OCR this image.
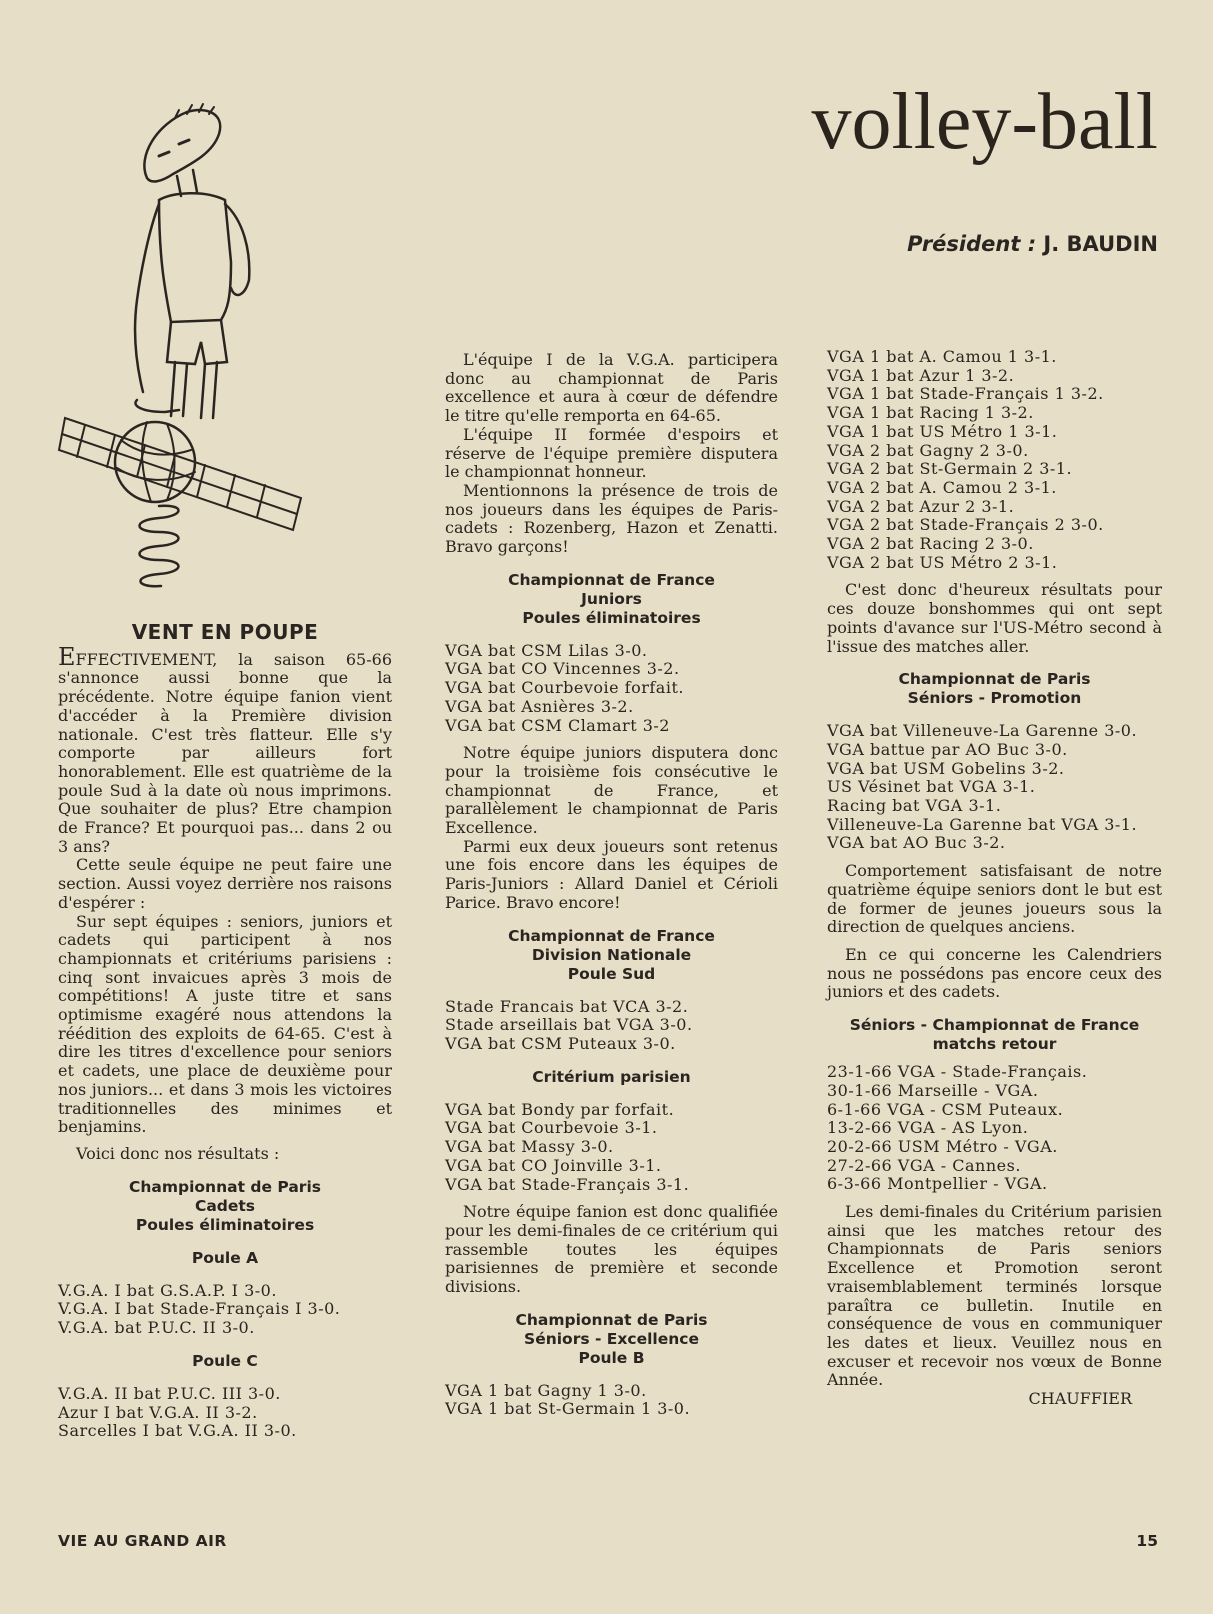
volley-ball
Président : J. BAUDIN
VENT EN POUPE

EFFECTIVEMENT, la saison 65-66 s'annonce aussi bonne que la précédente. Notre équipe fanion vient d'accéder à la Première division nationale. C'est très flatteur. Elle s'y comporte par ailleurs fort honorablement. Elle est quatrième de la poule Sud à la date où nous imprimons. Que souhaiter de plus? Etre champion de France? Et pourquoi pas... dans 2 ou 3 ans?

Cette seule équipe ne peut faire une section. Aussi voyez derrière nos raisons d'espérer :

Sur sept équipes : seniors, juniors et cadets qui participent à nos championnats et critériums parisiens : cinq sont invaicues après 3 mois de compétitions! A juste titre et sans optimisme exagéré nous attendons la réédition des exploits de 64-65. C'est à dire les titres d'excellence pour seniors et cadets, une place de deuxième pour nos juniors... et dans 3 mois les victoires traditionnelles des minimes et benjamins.

Voici donc nos résultats :

Championnat de Paris
Cadets
Poules éliminatoires
Poule A
V.G.A. I bat G.S.A.P. I 3-0.
V.G.A. I bat Stade-Français I 3-0.
V.G.A. bat P.U.C. II 3-0.
Poule C
V.G.A. II bat P.U.C. III 3-0.
Azur I bat V.G.A. II 3-2.
Sarcelles I bat V.G.A. II 3-0.

L'équipe I de la V.G.A. participera donc au championnat de Paris excellence et aura à cœur de défendre le titre qu'elle remporta en 64-65.

L'équipe II formée d'espoirs et réserve de l'équipe première disputera le championnat honneur.

Mentionnons la présence de trois de nos joueurs dans les équipes de Paris-cadets : Rozenberg, Hazon et Zenatti. Bravo garçons!

Championnat de France
Juniors
Poules éliminatoires
VGA bat CSM Lilas 3-0.
VGA bat CO Vincennes 3-2.
VGA bat Courbevoie forfait.
VGA bat Asnières 3-2.
VGA bat CSM Clamart 3-2

Notre équipe juniors disputera donc pour la troisième fois consécutive le championnat de France, et parallèlement le championnat de Paris Excellence.

Parmi eux deux joueurs sont retenus une fois encore dans les équipes de Paris-Juniors : Allard Daniel et Cérioli Parice. Bravo encore!

Championnat de France
Division Nationale
Poule Sud
Stade Francais bat VCA 3-2.
Stade arseillais bat VGA 3-0.
VGA bat CSM Puteaux 3-0.
Critérium parisien
VGA bat Bondy par forfait.
VGA bat Courbevoie 3-1.
VGA bat Massy 3-0.
VGA bat CO Joinville 3-1.
VGA bat Stade-Français 3-1.

Notre équipe fanion est donc qualifiée pour les demi-finales de ce critérium qui rassemble toutes les équipes parisiennes de première et seconde divisions.

Championnat de Paris
Séniors - Excellence
Poule B
VGA 1 bat Gagny 1 3-0.
VGA 1 bat St-Germain 1 3-0.
VGA 1 bat A. Camou 1 3-1.
VGA 1 bat Azur 1 3-2.
VGA 1 bat Stade-Français 1 3-2.
VGA 1 bat Racing 1 3-2.
VGA 1 bat US Métro 1 3-1.
VGA 2 bat Gagny 2 3-0.
VGA 2 bat St-Germain 2 3-1.
VGA 2 bat A. Camou 2 3-1.
VGA 2 bat Azur 2 3-1.
VGA 2 bat Stade-Français 2 3-0.
VGA 2 bat Racing 2 3-0.
VGA 2 bat US Métro 2 3-1.

C'est donc d'heureux résultats pour ces douze bonshommes qui ont sept points d'avance sur l'US-Métro second à l'issue des matches aller.

Championnat de Paris
Séniors - Promotion
VGA bat Villeneuve-La Garenne 3-0.
VGA battue par AO Buc 3-0.
VGA bat USM Gobelins 3-2.
US Vésinet bat VGA 3-1.
Racing bat VGA 3-1.
Villeneuve-La Garenne bat VGA 3-1.
VGA bat AO Buc 3-2.

Comportement satisfaisant de notre quatrième équipe seniors dont le but est de former de jeunes joueurs sous la direction de quelques anciens.

En ce qui concerne les Calendriers nous ne possédons pas encore ceux des juniors et des cadets.

Séniors - Championnat de France
matchs retour
23-1-66 VGA - Stade-Français.
30-1-66 Marseille - VGA.
6-1-66 VGA - CSM Puteaux.
13-2-66 VGA - AS Lyon.
20-2-66 USM Métro - VGA.
27-2-66 VGA - Cannes.
6-3-66 Montpellier - VGA.

Les demi-finales du Critérium parisien ainsi que les matches retour des Championnats de Paris seniors Excellence et Promotion seront vraisemblablement terminés lorsque paraîtra ce bulletin. Inutile en conséquence de vous en communiquer les dates et lieux. Veuillez nous en excuser et recevoir nos vœux de Bonne Année.

CHAUFFIER

VIE AU GRAND AIR	15
